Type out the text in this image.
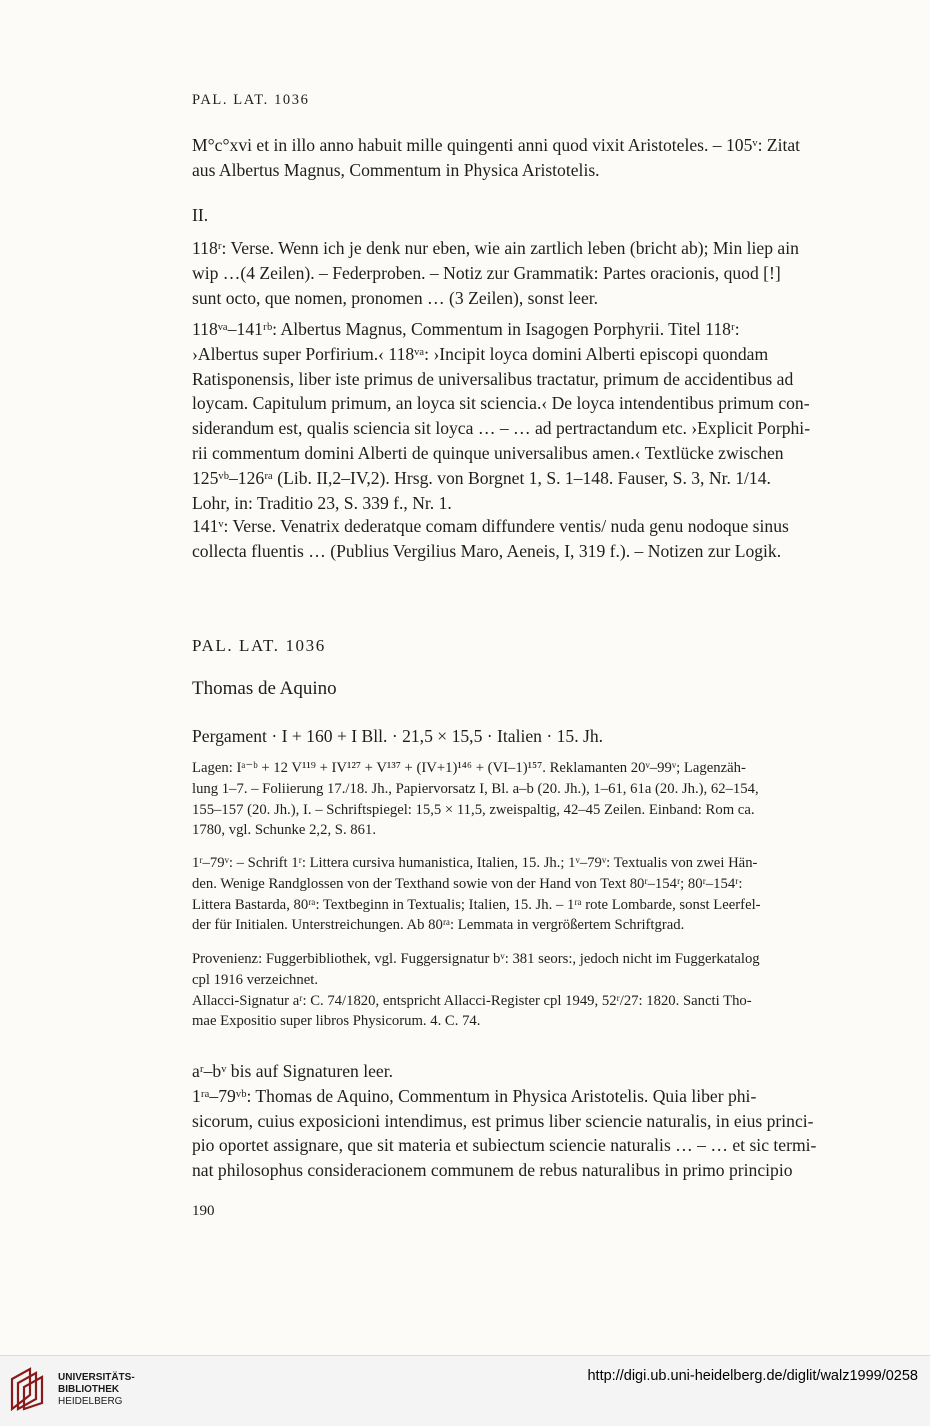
PAL. LAT. 1036
M°c°xvi et in illo anno habuit mille quingenti anni quod vixit Aristoteles. – 105ᵛ: Zitat
aus Albertus Magnus, Commentum in Physica Aristotelis.
II.
118ʳ: Verse. Wenn ich je denk nur eben, wie ain zartlich leben (bricht ab); Min liep ain
wip …(4 Zeilen). – Federproben. – Notiz zur Grammatik: Partes oracionis, quod [!]
sunt octo, que nomen, pronomen … (3 Zeilen), sonst leer.
118ᵛᵃ–141ʳᵇ: Albertus Magnus, Commentum in Isagogen Porphyrii. Titel 118ʳ:
›Albertus super Porfirium.‹ 118ᵛᵃ: ›Incipit loyca domini Alberti episcopi quondam
Ratisponensis, liber iste primus de universalibus tractatur, primum de accidentibus ad
loycam. Capitulum primum, an loyca sit sciencia.‹ De loyca intendentibus primum con-
siderandum est, qualis sciencia sit loyca … – … ad pertractandum etc. ›Explicit Porphi-
rii commentum domini Alberti de quinque universalibus amen.‹ Textlücke zwischen
125ᵛᵇ–126ʳᵃ (Lib. II,2–IV,2). Hrsg. von Borgnet 1, S. 1–148. Fauser, S. 3, Nr. 1/14.
Lohr, in: Traditio 23, S. 339 f., Nr. 1.
141ᵛ: Verse. Venatrix dederatque comam diffundere ventis/ nuda genu nodoque sinus
collecta fluentis … (Publius Vergilius Maro, Aeneis, I, 319 f.). – Notizen zur Logik.
PAL. LAT. 1036
Thomas de Aquino
Pergament · I + 160 + I Bll. · 21,5 × 15,5 · Italien · 15. Jh.
Lagen: Iᵃ⁻ᵇ + 12 V¹¹⁹ + IV¹²⁷ + V¹³⁷ + (IV+1)¹⁴⁶ + (VI–1)¹⁵⁷. Reklamanten 20ᵛ–99ᵛ; Lagenzäh-
lung 1–7. – Foliierung 17./18. Jh., Papiervorsatz I, Bl. a–b (20. Jh.), 1–61, 61a (20. Jh.), 62–154,
155–157 (20. Jh.), I. – Schriftspiegel: 15,5 × 11,5, zweispaltig, 42–45 Zeilen. Einband: Rom ca.
1780, vgl. Schunke 2,2, S. 861.
1ʳ–79ᵛ: – Schrift 1ʳ: Littera cursiva humanistica, Italien, 15. Jh.; 1ᵛ–79ᵛ: Textualis von zwei Hän-
den. Wenige Randglossen von der Texthand sowie von der Hand von Text 80ʳ–154ʳ; 80ʳ–154ʳ:
Littera Bastarda, 80ʳᵃ: Textbeginn in Textualis; Italien, 15. Jh. – 1ʳᵃ rote Lombarde, sonst Leerfel-
der für Initialen. Unterstreichungen. Ab 80ʳᵃ: Lemmata in vergrößertem Schriftgrad.
Provenienz: Fuggerbibliothek, vgl. Fuggersignatur bᵛ: 381 seors:, jedoch nicht im Fuggerkatalog
cpl 1916 verzeichnet.
Allacci-Signatur aʳ: C. 74/1820, entspricht Allacci-Register cpl 1949, 52ʳ/27: 1820. Sancti Tho-
mae Expositio super libros Physicorum. 4. C. 74.
aʳ–bᵛ bis auf Signaturen leer.
1ʳᵃ–79ᵛᵇ: Thomas de Aquino, Commentum in Physica Aristotelis. Quia liber phi-
sicorum, cuius exposicioni intendimus, est primus liber sciencie naturalis, in eius princi-
pio oportet assignare, que sit materia et subiectum sciencie naturalis … – … et sic termi-
nat philosophus consideracionem communem de rebus naturalibus in primo principio
190
UNIVERSITÄTS-
BIBLIOTHEK
HEIDELBERG
http://digi.ub.uni-heidelberg.de/diglit/walz1999/0258
